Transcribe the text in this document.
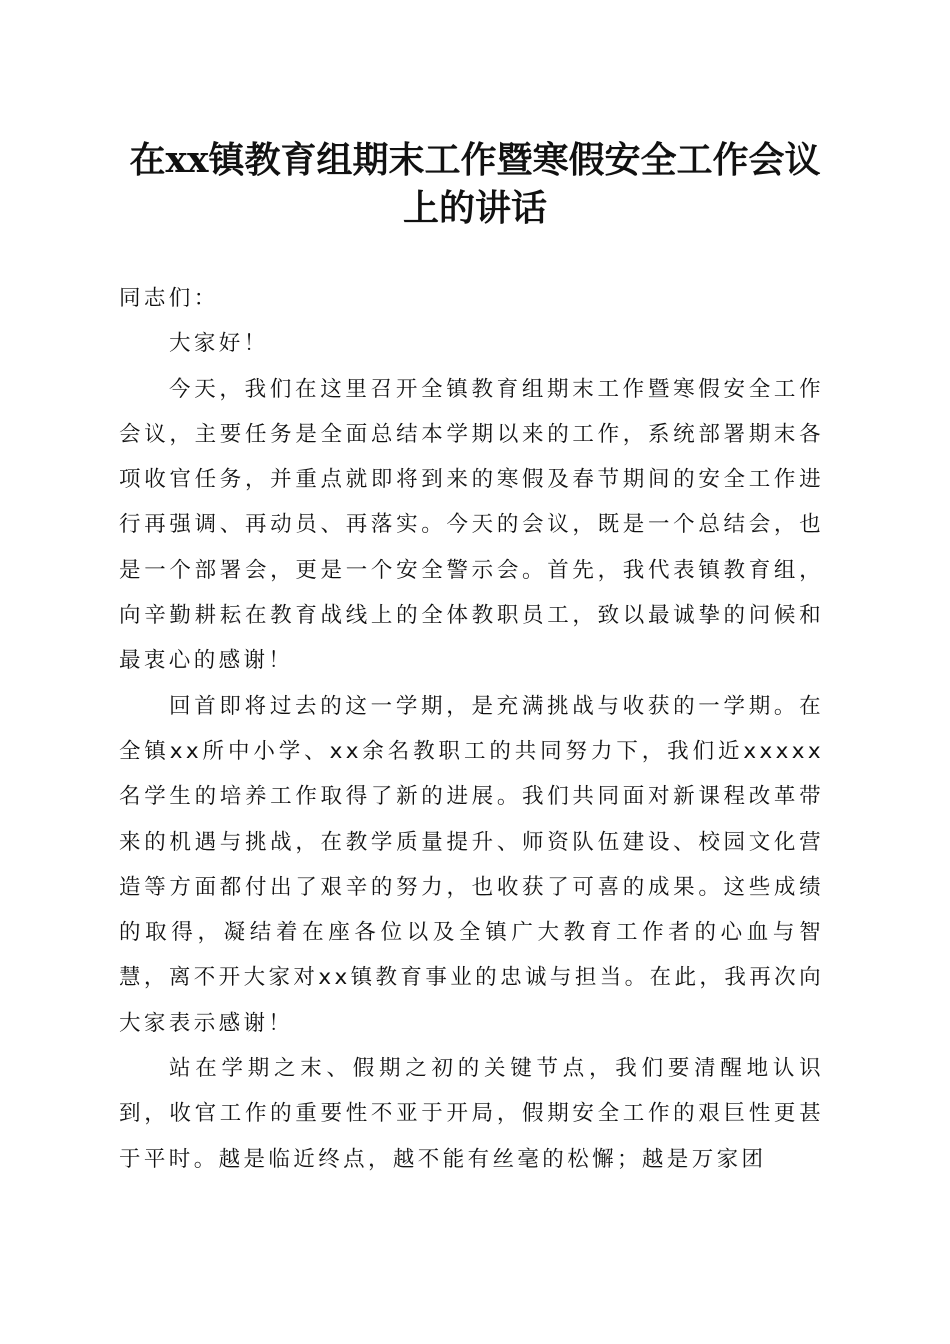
在xx镇教育组期末工作暨寒假安全工作会议
上的讲话

同志们：

大家好！

今天，我们在这里召开全镇教育组期末工作暨寒假安全工作会议，主要任务是全面总结本学期以来的工作，系统部署期末各项收官任务，并重点就即将到来的寒假及春节期间的安全工作进行再强调、再动员、再落实。今天的会议，既是一个总结会，也是一个部署会，更是一个安全警示会。首先，我代表镇教育组，向辛勤耕耘在教育战线上的全体教职员工，致以最诚挚的问候和最衷心的感谢！

回首即将过去的这一学期，是充满挑战与收获的一学期。在全镇xx所中小学、xx余名教职工的共同努力下，我们近xxxxx名学生的培养工作取得了新的进展。我们共同面对新课程改革带来的机遇与挑战，在教学质量提升、师资队伍建设、校园文化营造等方面都付出了艰辛的努力，也收获了可喜的成果。这些成绩的取得，凝结着在座各位以及全镇广大教育工作者的心血与智慧，离不开大家对xx镇教育事业的忠诚与担当。在此，我再次向大家表示感谢！

站在学期之末、假期之初的关键节点，我们要清醒地认识到，收官工作的重要性不亚于开局，假期安全工作的艰巨性更甚于平时。越是临近终点，越不能有丝毫的松懈；越是万家团
